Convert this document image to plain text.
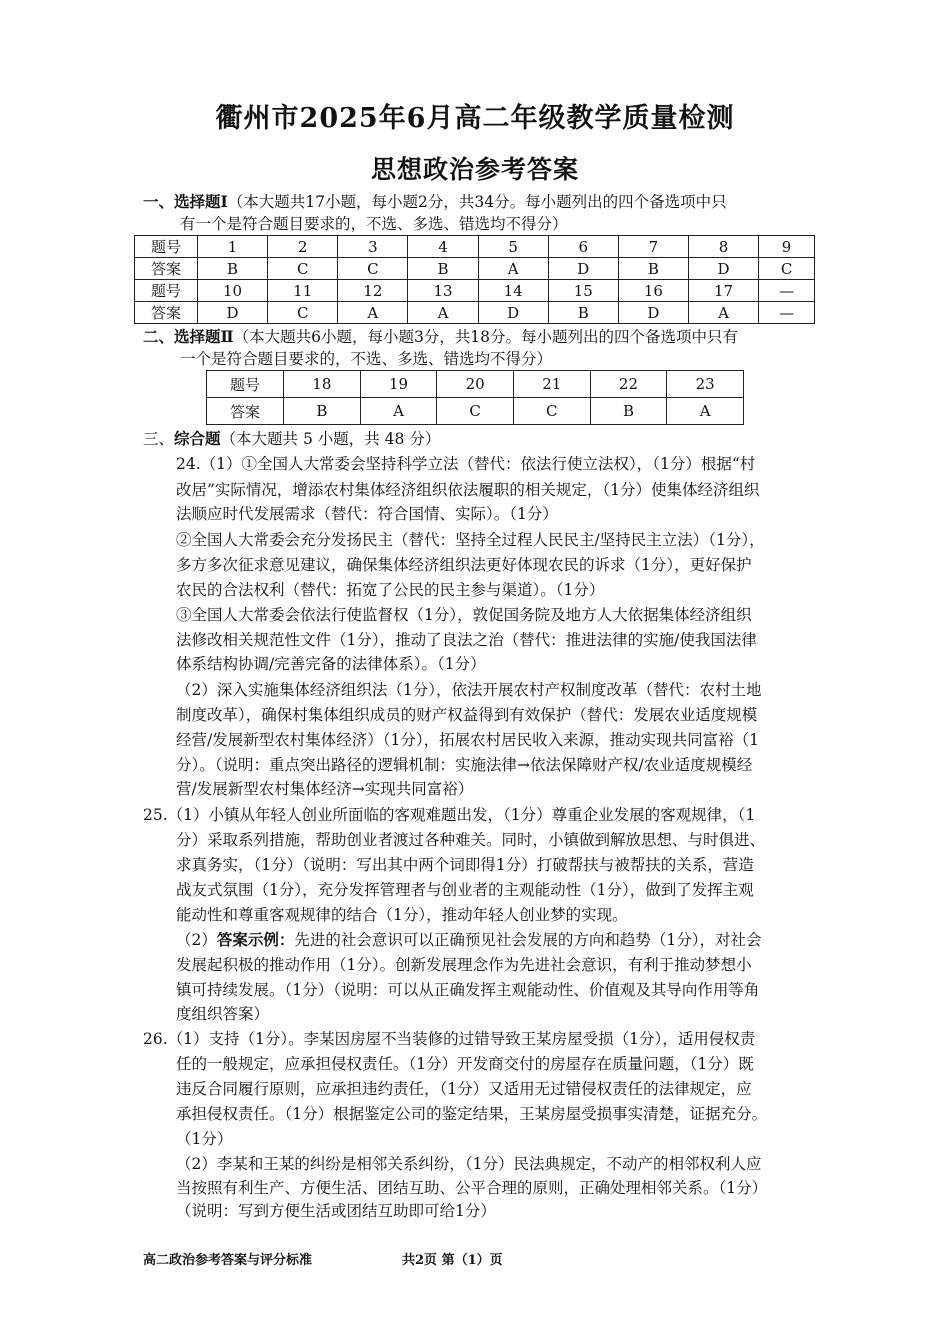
衢州市2025年6月高二年级教学质量检测
思想政治参考答案
一、选择题Ⅰ（本大题共17小题，每小题2分，共34分。每小题列出的四个备选项中只
有一个是符合题目要求的，不选、多选、错选均不得分）
题号	1	2	3	4	5	6	7	8	9
答案	B	C	C	B	A	D	B	D	C
题号	10	11	12	13	14	15	16	17	—
答案	D	C	A	A	D	B	D	A	—
二、选择题Ⅱ（本大题共6小题，每小题3分，共18分。每小题列出的四个备选项中只有
一个是符合题目要求的，不选、多选、错选均不得分）
题号	18	19	20	21	22	23
答案	B	A	C	C	B	A
三、综合题（本大题共 5 小题，共 48 分）
24.（1）①全国人大常委会坚持科学立法（替代：依法行使立法权），（1分）根据“村
改居”实际情况，增添农村集体经济组织依法履职的相关规定，（1分）使集体经济组织
法顺应时代发展需求（替代：符合国情、实际）。（1分）
②全国人大常委会充分发扬民主（替代：坚持全过程人民民主/坚持民主立法）（1分），
多方多次征求意见建议，确保集体经济组织法更好体现农民的诉求（1分），更好保护
农民的合法权利（替代：拓宽了公民的民主参与渠道）。（1分）
③全国人大常委会依法行使监督权（1分），敦促国务院及地方人大依据集体经济组织
法修改相关规范性文件（1分），推动了良法之治（替代：推进法律的实施/使我国法律
体系结构协调/完善完备的法律体系）。（1分）
（2）深入实施集体经济组织法（1分），依法开展农村产权制度改革（替代：农村土地
制度改革），确保村集体组织成员的财产权益得到有效保护（替代：发展农业适度规模
经营/发展新型农村集体经济）（1分），拓展农村居民收入来源，推动实现共同富裕（1
分）。（说明：重点突出路径的逻辑机制：实施法律→依法保障财产权/农业适度规模经
营/发展新型农村集体经济→实现共同富裕）
25.（1）小镇从年轻人创业所面临的客观难题出发，（1分）尊重企业发展的客观规律，（1
分）采取系列措施，帮助创业者渡过各种难关。同时，小镇做到解放思想、与时俱进、
求真务实，（1分）（说明：写出其中两个词即得1分）打破帮扶与被帮扶的关系，营造
战友式氛围（1分），充分发挥管理者与创业者的主观能动性（1分），做到了发挥主观
能动性和尊重客观规律的结合（1分），推动年轻人创业梦的实现。
（2）答案示例：先进的社会意识可以正确预见社会发展的方向和趋势（1分），对社会
发展起积极的推动作用（1分）。创新发展理念作为先进社会意识，有利于推动梦想小
镇可持续发展。（1分）（说明：可以从正确发挥主观能动性、价值观及其导向作用等角
度组织答案）
26.（1）支持（1分）。李某因房屋不当装修的过错导致王某房屋受损（1分），适用侵权责
任的一般规定，应承担侵权责任。（1分）开发商交付的房屋存在质量问题，（1分）既
违反合同履行原则，应承担违约责任，（1分）又适用无过错侵权责任的法律规定，应
承担侵权责任。（1分）根据鉴定公司的鉴定结果，王某房屋受损事实清楚，证据充分。
（1分）
（2）李某和王某的纠纷是相邻关系纠纷，（1分）民法典规定，不动产的相邻权利人应
当按照有利生产、方便生活、团结互助、公平合理的原则，正确处理相邻关系。（1分）
（说明：写到方便生活或团结互助即可给1分）
高二政治参考答案与评分标准	共2页 第（1）页
